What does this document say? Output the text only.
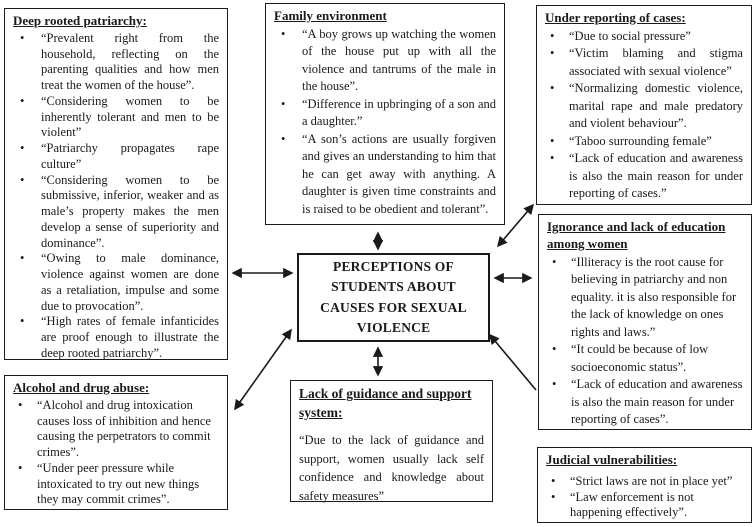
Deep rooted patriarchy:
• “Prevalent right from the household, reflecting on the parenting qualities and how men treat the women of the house”.
• “Considering women to be inherently tolerant and men to be violent”
• “Patriarchy propagates rape culture”
• “Considering women to be submissive, inferior, weaker and as male’s property makes the men develop a sense of superiority and dominance”.
• “Owing to male dominance, violence against women are done as a retaliation, impulse and some due to provocation”.
• “High rates of female infanticides are proof enough to illustrate the deep rooted patriarchy”.
Family environment
• “A boy grows up watching the women of the house put up with all the violence and tantrums of the male in the house”.
• “Difference in upbringing of a son and a daughter.”
• “A son’s actions are usually forgiven and gives an understanding to him that he can get away with anything. A daughter is given time constraints and is raised to be obedient and tolerant”.
Under reporting of cases:
• “Due to social pressure”
• “Victim blaming and stigma associated with sexual violence”
• “Normalizing domestic violence, marital rape and male predatory and violent behaviour”.
• “Taboo surrounding female”
• “Lack of education and awareness is also the main reason for under reporting of cases.”
Ignorance and lack of education among women
• “Illiteracy is the root cause for believing in patriarchy and non equality. it is also responsible for the lack of knowledge on ones rights and laws.”
• “It could be because of low socioeconomic status”.
• “Lack of education and awareness is also the main reason for under reporting of cases”.
Judicial vulnerabilities:
• “Strict laws are not in place yet”
• “Law enforcement is not happening effectively”.
Alcohol and drug abuse:
• “Alcohol and drug intoxication causes loss of inhibition and hence causing the perpetrators to commit crimes”.
• “Under peer pressure while intoxicated to try out new things they may commit crimes”.
Lack of guidance and support system:
“Due to the lack of guidance and support, women usually lack self confidence and knowledge about safety measures”
PERCEPTIONS OF STUDENTS ABOUT CAUSES FOR SEXUAL VIOLENCE
